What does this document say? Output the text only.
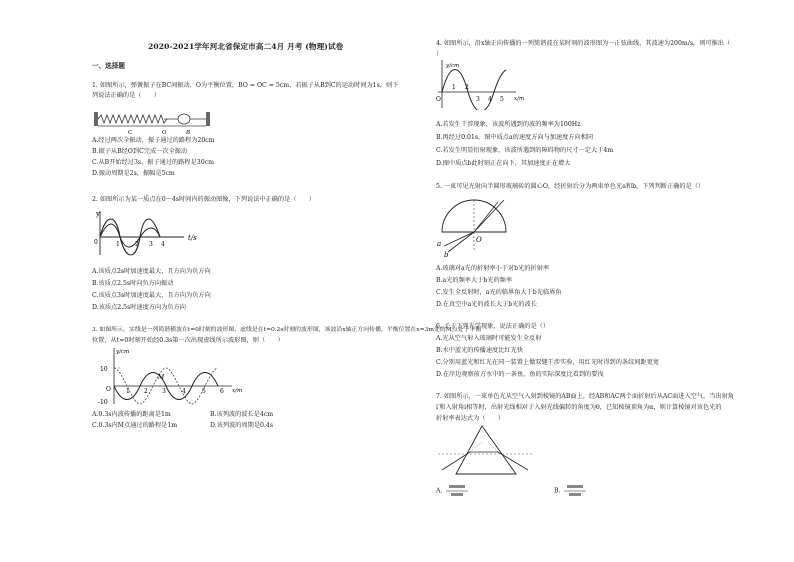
2020-2021学年河北省保定市高二4月 月考 (物理)试卷
一、选择题
1. 如图所示，弹簧振子在BC间振动，O为平衡位置，BO = OC = 5cm，若振子从B到C的运动时间为1s，则下
列说法正确的是（　　）
C	O	B
A.经过两次全振动，振子通过的路程为20cm
B.振子从B经O到C完成一次全振动
C.从B开始经过3s，振子通过的路程是30cm
D.振动周期是2s，振幅是5cm
2. 如图所示为某一质点在0～4s时间内的振动图像，下列说法中正确的是（　　）
y
t/s
0	1	2 3 4
A.该质点2s时加速度最大，且方向为负方向
B.该质点2.5s时向负方向振动
C.该质点3s时加速度最大，且方向为负方向
D.该质点2.5s时速度方向为负方向
3. 如图所示，实线是一列简谐横波在t=0时刻的波形图，虚线是在t=0.2s时刻的波形图，该波沿x轴正方向传播，平衡位置在x=3m处的M点处于平衡
位置，从t=0时刻开始经0.3s第一次出现虚线所示波形图，则（　　）
y/cm
x/m
10
O
-10
1 2 3	4	5 6
M
A.0.3s内波传播的距离是1m	B.该列波的波长是4cm
C.0.3s内M点通过的路程是1m	D.该列波的周期是0.4s
4. 如图所示，沿x轴正向传播的一列简谐波在某时刻的波形图为一正弦曲线，其波速为200m/s，则可推出（
）
y/cm
x/m
O
1 2
3 4 5
A.若发生干涉现象，该波所遇到的波的频率为100Hz
B.再经过0.01s，图中质点a的速度方向与加速度方向相同
C.若发生明显衍射现象，该波所遇到的障碍物的尺寸一定大于4m
D.图中质点b此时刻正在向下，其加速度正在增大
5. 一束可见光射向半圆形玻璃砖的圆心O，经折射后分为两束单色光a和b，下列判断正确的是（）
O
a
b
A.玻璃对a光的折射率小于对b光的折射率
B.a光的频率大于b光的频率
C.发生全反射时，a光的临界角大于b光临界角
D.在真空中a光的波长大于b光的波长
6. 关于下列光学现象，说法正确的是（）
A.光从空气射入玻璃时可能发生全反射
B.水中蓝光的传播速度比红光快
C.分别用蓝光和红光在同一装置上做双缝干涉实验，用红光时得到的条纹间距更宽
D.在岸边观察前方水中的一条鱼，鱼的实际深度比看到的要浅
7. 如图所示，一束单色光从空气入射到棱镜的AB面上，经AB和AC两个面折射后从AC面进入空气，当出射角
i′和入射角i相等时，出射光线相对于入射光线偏转的角度为θ，已知棱镜顶角为α，则计算棱镜对该色光的
折射率表达式为（　　）
A.	B.
